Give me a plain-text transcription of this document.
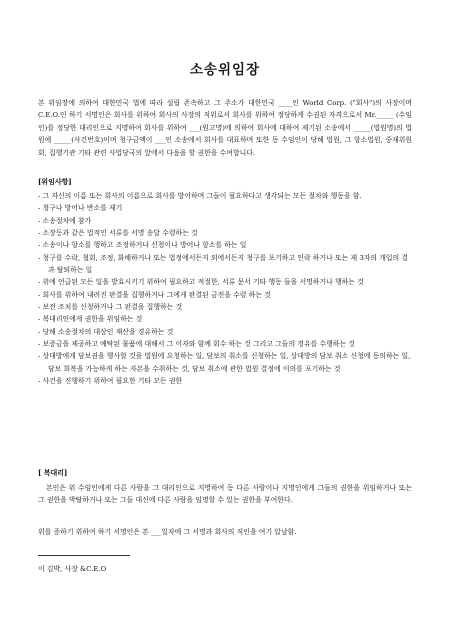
소송위임장

본 위임장에 의하여 대한민국 법에 따라 설립 존속하고 그 주소가 대한민국 ____인 World Corp. ("회사")의 사장이며 C.E.O.인 하기 서명인은 회사를 위하여 회사의 사장의 직위로서 회사를 위하여 정당하게 수권된 자격으로서 Mr._____ (수임인)를 정당한 대리인으로 지명하여 회사를 위하여 ___(원고명)에 의하여 회사에 대하여 제기된 소송에서 _____(법원명)의 법원에 _____(사건번호)이며 청구금액이 ___인 소송에서 회사를 대표하며 또한 동 수임인이 당해 법원, 그 항소법원, 중재위원회, 집행기관 기타 관련 사법당국의 앞에서 다음을 할 권한을 수여합니다.

[위임사항]
- 그 자신의 이름 또는 회사의 이름으로 회사를 방어하며 그들이 필요하다고 생각되는 모든 절차와 행동을 함.
- 청구나 방어나 반소를 제기
- 소송절차에 참가
- 소장등과 같은 법적인 서류를 서명 송달 수령하는 것
- 소송이나 항소를 행하고 조정하거나 신청이나 방어나 항소를 하는 일
- 청구를 수락, 철회, 조정, 화해하거나 또는 법정에서든지 외에서든지 청구를 포기하고 인락 하거나 또는 제 3자의 개입의 결과 탈퇴하는 일
- 위에 언급된 모든 일을 발효시키기 위하여 필요하고 적절한, 서류 문서 기타 행동 들을 서명하거나 행하는 것
- 회사를 위하여 내려진 판결을 집행하거나 그에게 판결된 금전을 수령 하는 것
- 보전 조치를 신청하거나 그 판결을 집행하는 것
- 복대리인에게 권한을 위임하는 것
- 당해 소송절차의 대상인 재산을 경유하는 것
- 보증금을 제공하고 예탁된 물품에 대해서 그 이자와 함께 회수 하는 것 그리고 그들의 경유를 수행하는 것
- 상대방에게 담보권을 행사할 것을 법원에 요청하는 일, 담보의 취소를 신청하는 일, 상대방의 담보 취소 신청에 동의하는 일, 담보 회복을 가능하게 하는 자본을 수취하는 것, 담보 취소에 관한 법원 결정에 이의를 포기하는 것
- 사건을 진행하기 위하여 필요한 기타 모든 권한
[ 복대리]

본인은 위 수임인에게 다른 사람을 그 대리인으로 지명하여 동 다른 사람이나 지명인에게 그들의 권한을 위임하거나 또는 그 권한을 박탈하거나 또는 그들 대신에 다른 사람을 임명할 수 있는 권한을 부여한다.

위를 증하기 위하여 하기 서명인은 본 ___일자에 그 서명과 회사의 직인을 여기 압날함.

이 김박, 사장 &C.E.O
